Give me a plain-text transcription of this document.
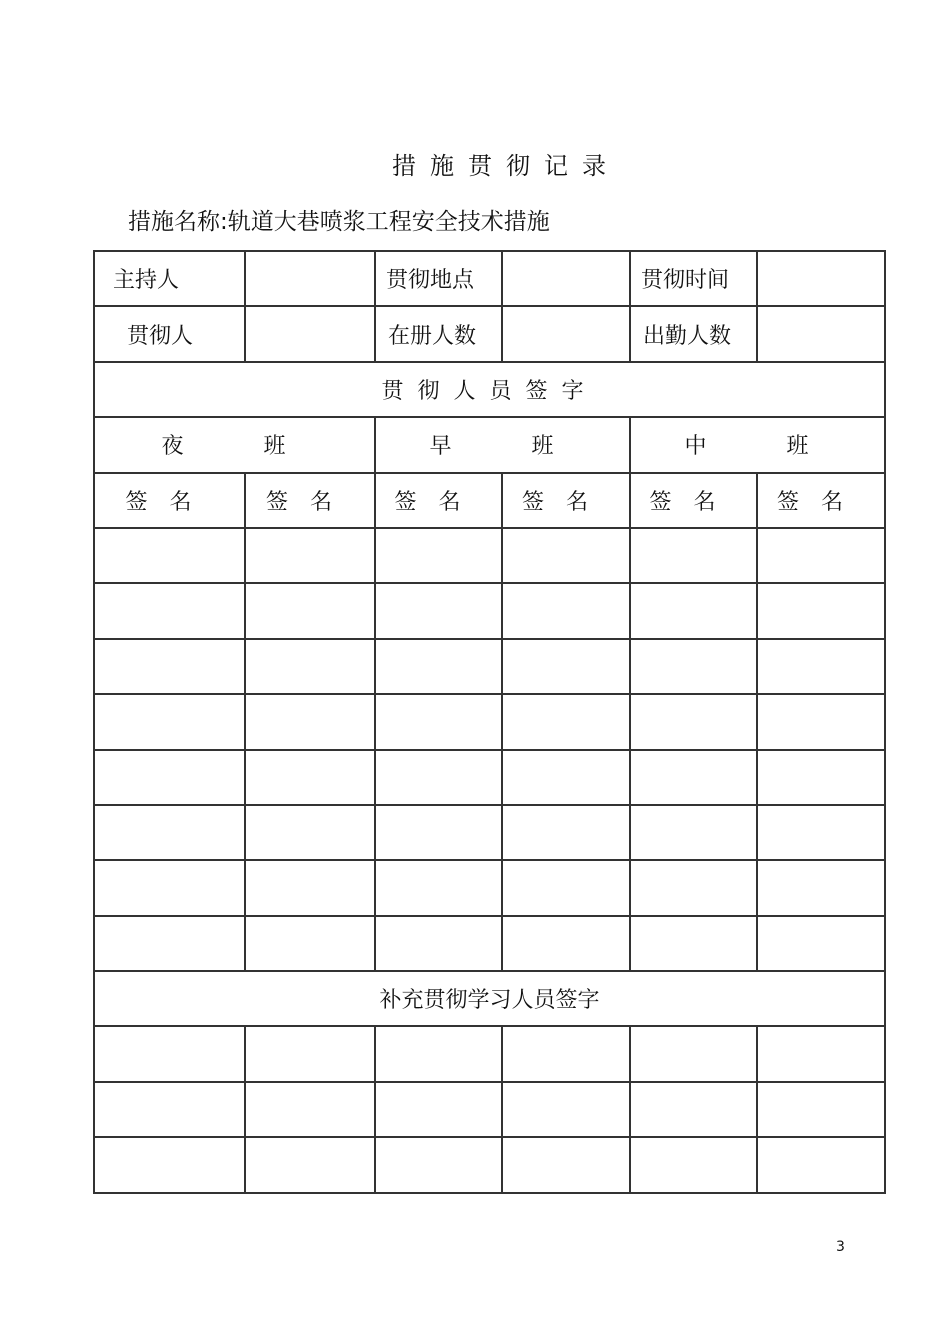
措施贯彻记录
措施名称:轨道大巷喷浆工程安全技术措施
主持人		贯彻地点		贯彻时间	
贯彻人		在册人数		出勤人数	
贯彻人员签字					
夜  班		早  班		中  班	
签名	签名	签名	签名	签名	签名

补充贯彻学习人员签字					

3
